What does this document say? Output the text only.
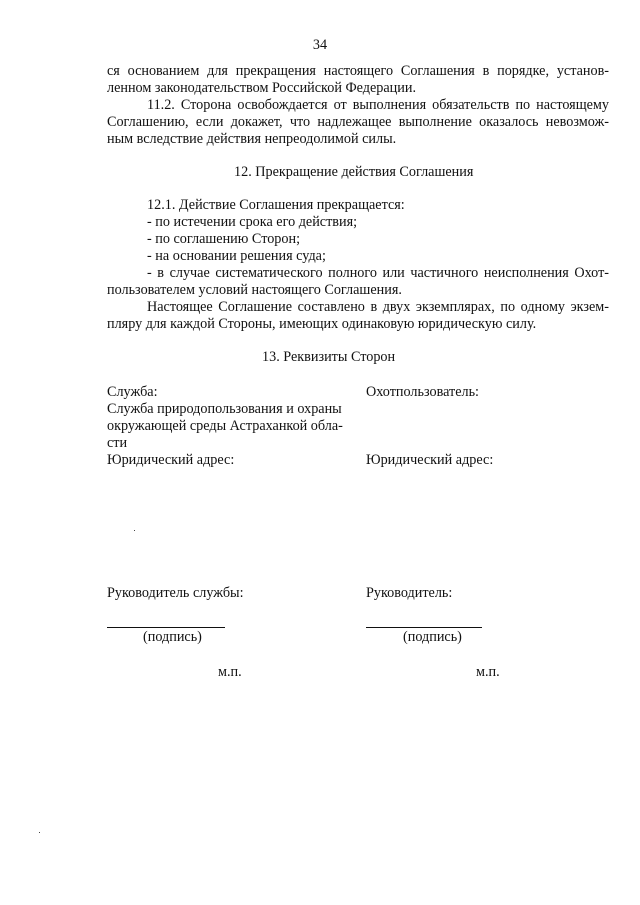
34
ся основанием для прекращения настоящего Соглашения в порядке, установ-
ленном законодательством Российской Федерации.
11.2. Сторона освобождается от выполнения обязательств по настоящему
Соглашению, если докажет, что надлежащее выполнение оказалось невозмож-
ным вследствие действия непреодолимой силы.
12. Прекращение действия Соглашения
12.1. Действие Соглашения прекращается:
- по истечении срока его действия;
- по соглашению Сторон;
- на основании решения суда;
- в случае систематического полного или частичного неисполнения Охот-
пользователем условий настоящего Соглашения.
Настоящее Соглашение составлено в двух экземплярах, по одному экзем-
пляру для каждой Стороны, имеющих одинаковую юридическую силу.
13. Реквизиты Сторон
Служба:	Охотпользователь:
Служба природопользования и охраны
окружающей среды Астраханкой обла-
сти
Юридический адрес:	Юридический адрес:
Руководитель службы:	Руководитель:
(подпись)	(подпись)
м.п.	м.п.
